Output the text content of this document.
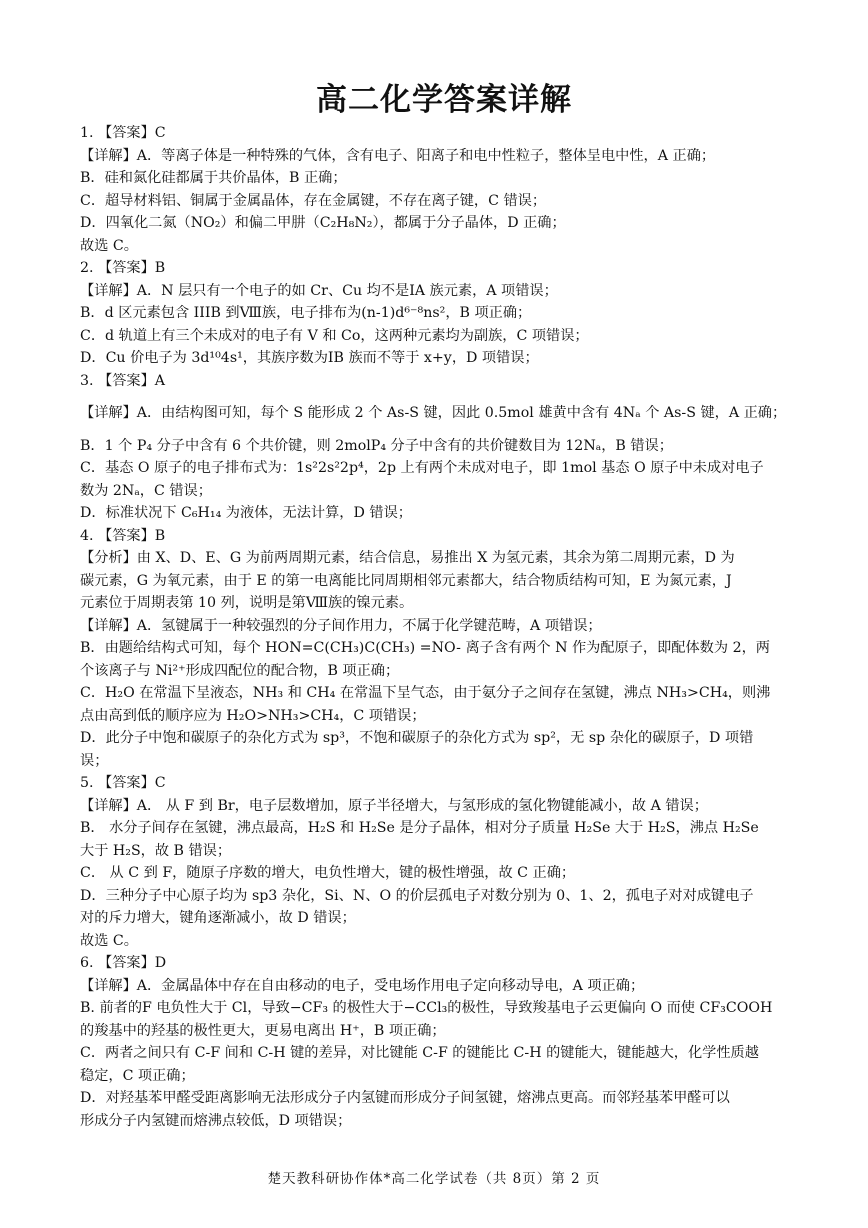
高二化学答案详解
1. 【答案】C
【详解】A．等离子体是一种特殊的气体，含有电子、阳离子和电中性粒子，整体呈电中性，A 正确；
B．硅和氮化硅都属于共价晶体，B 正确；
C．超导材料铝、铜属于金属晶体，存在金属键，不存在离子键，C 错误；
D．四氧化二氮（NO₂）和偏二甲肼（C₂H₈N₂），都属于分子晶体，D 正确；
故选 C。
2. 【答案】B
【详解】A．N 层只有一个电子的如 Cr、Cu 均不是IA 族元素，A 项错误；
B．d 区元素包含 IIIB 到Ⅷ族，电子排布为(n-1)d⁶⁻⁸ns²，B 项正确；
C．d 轨道上有三个未成对的电子有 V 和 Co，这两种元素均为副族，C 项错误；
D．Cu 价电子为 3d¹⁰4s¹，其族序数为IB 族而不等于 x+y，D 项错误；
3. 【答案】A
【详解】A．由结构图可知，每个 S 能形成 2 个 As-S 键，因此 0.5mol 雄黄中含有 4Nₐ 个 As-S 键，A 正确；
B．1 个 P₄ 分子中含有 6 个共价键，则 2molP₄ 分子中含有的共价键数目为 12Nₐ，B 错误；
C．基态 O 原子的电子排布式为：1s²2s²2p⁴，2p 上有两个未成对电子，即 1mol 基态 O 原子中未成对电子
数为 2Nₐ，C 错误；
D．标准状况下 C₆H₁₄ 为液体，无法计算，D 错误；
4. 【答案】B
【分析】由 X、D、E、G 为前两周期元素，结合信息，易推出 X 为氢元素，其余为第二周期元素，D 为
碳元素，G 为氧元素，由于 E 的第一电离能比同周期相邻元素都大，结合物质结构可知，E 为氮元素，J
元素位于周期表第 10 列，说明是第Ⅷ族的镍元素。
【详解】A．氢键属于一种较强烈的分子间作用力，不属于化学键范畴，A 项错误；
B．由题给结构式可知，每个 HON=C(CH₃)C(CH₃) =NO- 离子含有两个 N 作为配原子，即配体数为 2，两
个该离子与 Ni²⁺形成四配位的配合物，B 项正确；
C．H₂O 在常温下呈液态，NH₃ 和 CH₄ 在常温下呈气态，由于氨分子之间存在氢键，沸点 NH₃>CH₄，则沸
点由高到低的顺序应为 H₂O>NH₃>CH₄，C 项错误；
D．此分子中饱和碳原子的杂化方式为 sp³，不饱和碳原子的杂化方式为 sp²，无 sp 杂化的碳原子，D 项错
误；
5. 【答案】C
【详解】A． 从 F 到 Br，电子层数增加，原子半径增大，与氢形成的氢化物键能减小，故 A 错误；
B． 水分子间存在氢键，沸点最高，H₂S 和 H₂Se 是分子晶体，相对分子质量 H₂Se 大于 H₂S，沸点 H₂Se
大于 H₂S，故 B 错误；
C． 从 C 到 F，随原子序数的增大，电负性增大，键的极性增强，故 C 正确；
D．三种分子中心原子均为 sp3 杂化，Si、N、O 的价层孤电子对数分别为 0、1、2，孤电子对对成键电子
对的斥力增大，键角逐渐减小，故 D 错误；
故选 C。
6. 【答案】D
【详解】A．金属晶体中存在自由移动的电子，受电场作用电子定向移动导电，A 项正确；
B. 前者的F 电负性大于 Cl，导致−CF₃ 的极性大于−CCl₃的极性，导致羧基电子云更偏向 O 而使 CF₃COOH
的羧基中的羟基的极性更大，更易电离出 H⁺，B 项正确；
C．两者之间只有 C-F 间和 C-H 键的差异，对比键能 C-F 的键能比 C-H 的键能大，键能越大，化学性质越
稳定，C 项正确；
D．对羟基苯甲醛受距离影响无法形成分子内氢键而形成分子间氢键，熔沸点更高。而邻羟基苯甲醛可以
形成分子内氢键而熔沸点较低，D 项错误；
楚天教科研协作体*高二化学试卷（共 8页）第 2 页
